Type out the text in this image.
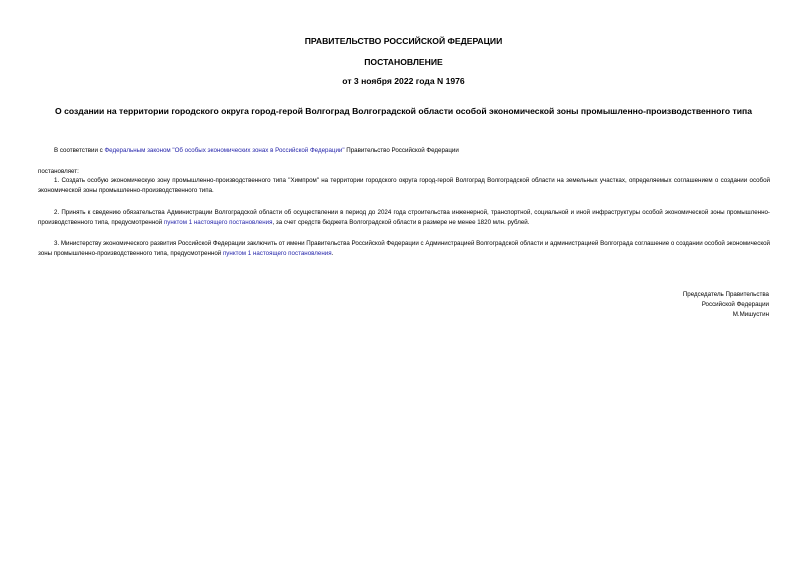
ПРАВИТЕЛЬСТВО РОССИЙСКОЙ ФЕДЕРАЦИИ
ПОСТАНОВЛЕНИЕ
от 3 ноября 2022 года N 1976
О создании на территории городского округа город-герой Волгоград Волгоградской области особой экономической зоны промышленно-производственного типа
В соответствии с Федеральным законом "Об особых экономических зонах в Российской Федерации" Правительство Российской Федерации
постановляет:
1. Создать особую экономическую зону промышленно-производственного типа "Химпром" на территории городского округа город-герой Волгоград Волгоградской области на земельных участках, определяемых соглашением о создании особой экономической зоны промышленно-производственного типа.
2. Принять к сведению обязательства Администрации Волгоградской области об осуществлении в период до 2024 года строительства инженерной, транспортной, социальной и иной инфраструктуры особой экономической зоны промышленно-производственного типа, предусмотренной пунктом 1 настоящего постановления, за счет средств бюджета Волгоградской области в размере не менее 1820 млн. рублей.
3. Министерству экономического развития Российской Федерации заключить от имени Правительства Российской Федерации с Администрацией Волгоградской области и администрацией Волгограда соглашение о создании особой экономической зоны промышленно-производственного типа, предусмотренной пунктом 1 настоящего постановления.
Председатель Правительства
Российской Федерации
М.Мишустин
